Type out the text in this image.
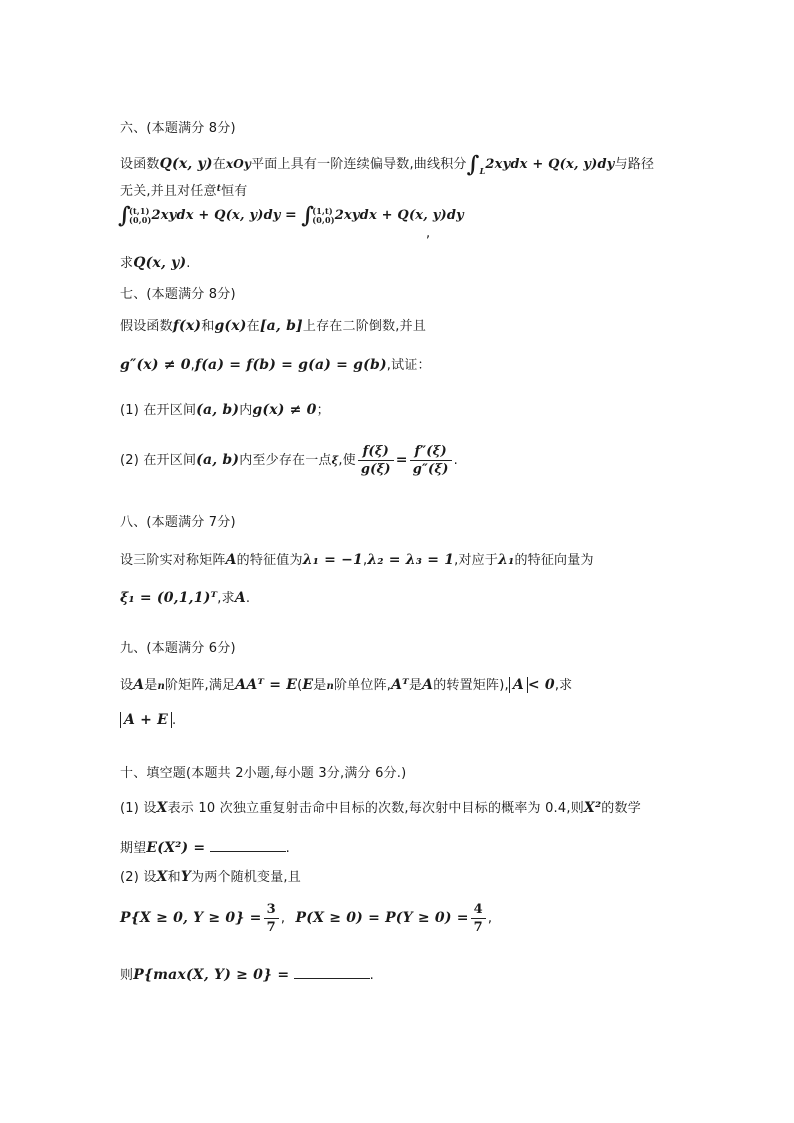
六、(本题满分 8分)
设函数Q(x, y)在xOy平面上具有一阶连续偏导数,曲线积分$\int_L2xydx + Q(x$, y)dy与路径
无关,并且对任意$^t$恒有
∫
(t,1)
(0,0) 2xydx + Q(x, y)dy = ∫
(1,t)
(0,0) 2xydx + Q(x, y)dy
,
求Q(x, y).
七、(本题满分 8分)
假设函数f(x)和g(x)在[a, b]上存在二阶倒数,并且
g″(x) ≠ 0,f(a) = f(b) = g(a) = g(b),试证：
(1) 在开区间(a, b)内g(x) ≠ 0；
(2) 在开区间(a, b)内至少存在一点ξ,使 $\frac{f(\xi)}{g(\xi)} = \frac{f''(\xi)}{g''(\xi)}$ .
八、(本题满分 7分)
设三阶实对称矩阵A的特征值为λ₁ = −1,λ₂ = λ₃ = 1,对应于λ₁的特征向量为
ξ₁ = (0,1,1)ᵀ,求A.
九、(本题满分 6分)
设A是n阶矩阵,满足AAᵀ = E(E是n阶单位阵,Aᵀ是A的转置矩阵), A < 0,求
A + E .
十、填空题(本题共 2小题,每小题 3分,满分 6分.)
(1) 设X表示 10 次独立重复射击命中目标的次数,每次射中目标的概率为 0.4,则X²的数学
期望E(X²) =	.
(2) 设X和Y为两个随机变量,且
P{X ≥ 0, $Y \ge 0\} = \frac{3}{7}$ , $P(X \ge 0) = P(Y \ge 0) = \frac{4}{7}$ ,
则P{max(X, Y) ≥ 0} =	.
